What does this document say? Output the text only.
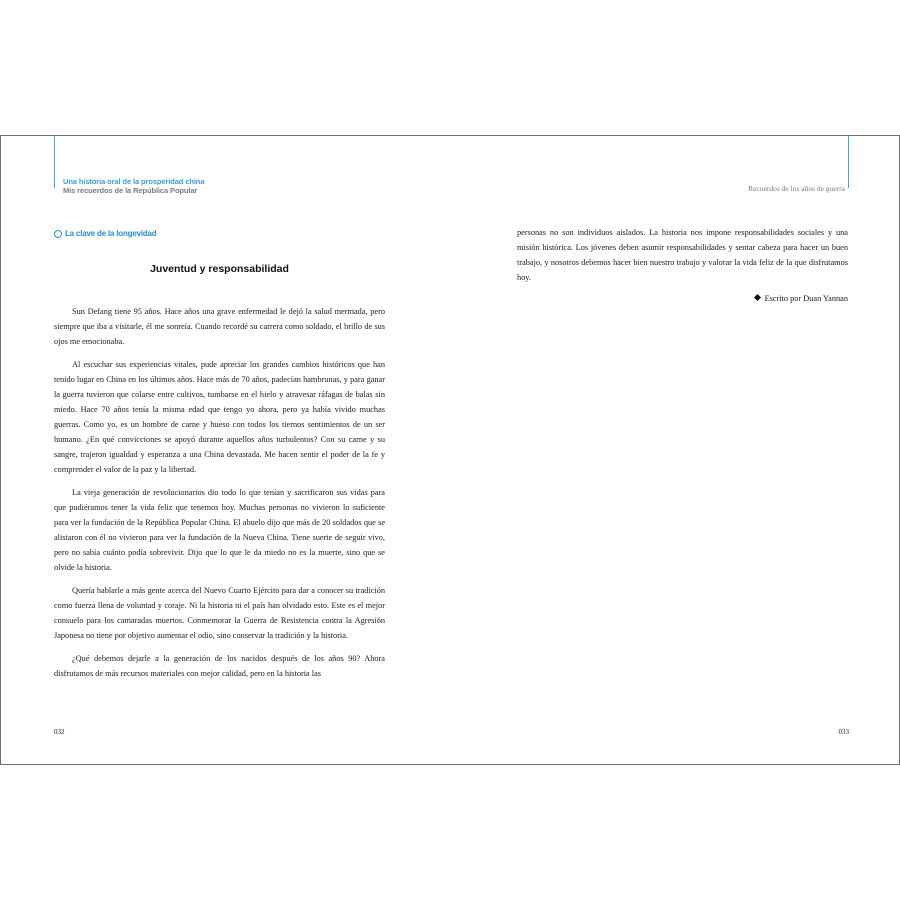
Una historia oral de la prosperidad china
Mis recuerdos de la República Popular	Recuerdos de los años de guerra
La clave de la longevidad
Juventud y responsabilidad

Sun Defang tiene 95 años. Hace años una grave enfermedad le dejó la salud mermada, pero siempre que iba a visitarle, él me sonreía. Cuando recordé su carrera como soldado, el brillo de sus ojos me emocionaba.

Al escuchar sus experiencias vitales, pude apreciar los grandes cambios históricos que han tenido lugar en China en los últimos años. Hace más de 70 años, padecían hambrunas, y para ganar la guerra tuvieron que colarse entre cultivos, tumbarse en el hielo y atravesar ráfagas de balas sin miedo. Hace 70 años tenía la misma edad que tengo yo ahora, pero ya había vivido muchas guerras. Como yo, es un hombre de carne y hueso con todos los tiernos sentimientos de un ser humano. ¿En qué convicciones se apoyó durante aquellos años turbulentos? Con su carne y su sangre, trajeron igualdad y esperanza a una China devastada. Me hacen sentir el poder de la fe y comprender el valor de la paz y la libertad.

La vieja generación de revolucionarios dio todo lo que tenían y sacrificaron sus vidas para que pudiéramos tener la vida feliz que tenemos hoy. Muchas personas no vivieron lo suficiente para ver la fundación de la República Popular China. El abuelo dijo que más de 20 soldados que se alistaron con él no vivieron para ver la fundación de la Nueva China. Tiene suerte de seguir vivo, pero no sabía cuánto podía sobrevivir. Dijo que lo que le da miedo no es la muerte, sino que se olvide la historia.

Quería hablarle a más gente acerca del Nuevo Cuarto Ejército para dar a conocer su tradición como fuerza llena de voluntad y coraje. Ni la historia ni el país han olvidado esto. Este es el mejor consuelo para los camaradas muertos. Conmemorar la Guerra de Resistencia contra la Agresión Japonesa no tiene por objetivo aumentar el odio, sino conservar la tradición y la historia.

¿Qué debemos dejarle a la generación de los nacidos después de los años 90? Ahora disfrutamos de más recursos materiales con mejor calidad, pero en la historia las

personas no son individuos aislados. La historia nos impone responsabilidades sociales y una misión histórica. Los jóvenes deben asumir responsabilidades y sentar cabeza para hacer un buen trabajo, y nosotros debemos hacer bien nuestro trabajo y valorar la vida feliz de la que disfrutamos hoy.

Escrito por Duan Yannan
032	033
